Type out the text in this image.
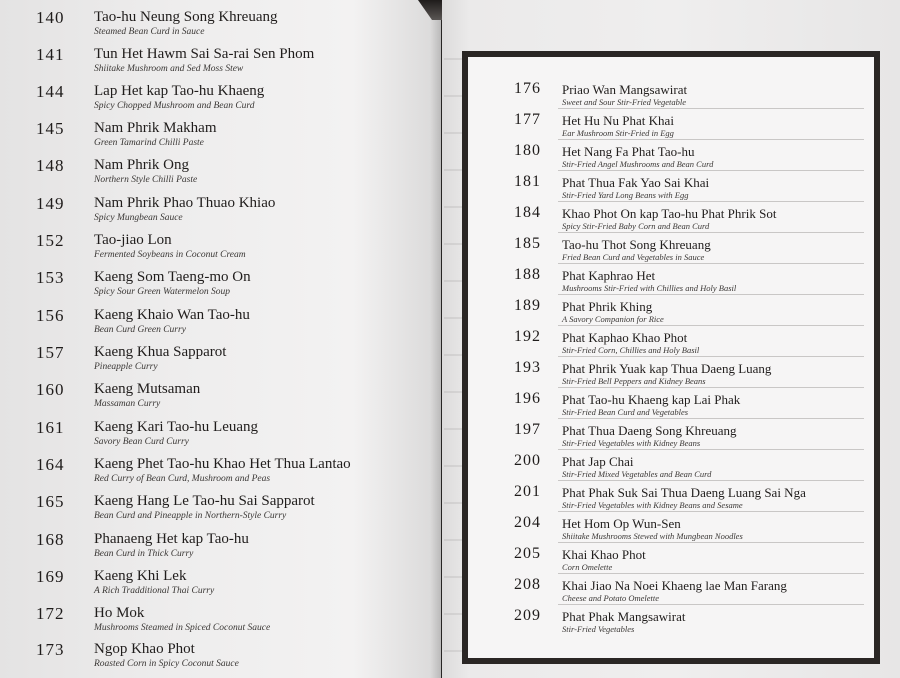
140 Tao-hu Neung Song Khreuang
Steamed Bean Curd in Sauce
141 Tun Het Hawm Sai Sa-rai Sen Phom
Shiitake Mushroom and Sed Moss Stew
144 Lap Het kap Tao-hu Khaeng
Spicy Chopped Mushroom and Bean Curd
145 Nam Phrik Makham
Green Tamarind Chilli Paste
148 Nam Phrik Ong
Northern Style Chilli Paste
149 Nam Phrik Phao Thuao Khiao
Spicy Mungbean Sauce
152 Tao-jiao Lon
Fermented Soybeans in Coconut Cream
153 Kaeng Som Taeng-mo On
Spicy Sour Green Watermelon Soup
156 Kaeng Khaio Wan Tao-hu
Bean Curd Green Curry
157 Kaeng Khua Sapparot
Pineapple Curry
160 Kaeng Mutsaman
Massaman Curry
161 Kaeng Kari Tao-hu Leuang
Savory Bean Curd Curry
164 Kaeng Phet Tao-hu Khao Het Thua Lantao
Red Curry of Bean Curd, Mushroom and Peas
165 Kaeng Hang Le Tao-hu Sai Sapparot
Bean Curd and Pineapple in Northern-Style Curry
168 Phanaeng Het kap Tao-hu
Bean Curd in Thick Curry
169 Kaeng Khi Lek
A Rich Tradditional Thai Curry
172 Ho Mok
Mushrooms Steamed in Spiced Coconut Sauce
173 Ngop Khao Phot
Roasted Corn in Spicy Coconut Sauce
176 Priao Wan Mangsawirat
Sweet and Sour Stir-Fried Vegetable
177 Het Hu Nu Phat Khai
Ear Mushroom Stir-Fried in Egg
180 Het Nang Fa Phat Tao-hu
Stir-Fried Angel Mushrooms and Bean Curd
181 Phat Thua Fak Yao Sai Khai
Stir-Fried Yard Long Beans with Egg
184 Khao Phot On kap Tao-hu Phat Phrik Sot
Spicy Stir-Fried Baby Corn and Bean Curd
185 Tao-hu Thot Song Khreuang
Fried Bean Curd and Vegetables in Sauce
188 Phat Kaphrao Het
Mushrooms Stir-Fried with Chillies and Holy Basil
189 Phat Phrik Khing
A Savory Companion for Rice
192 Phat Kaphao Khao Phot
Stir-Fried Corn, Chillies and Holy Basil
193 Phat Phrik Yuak kap Thua Daeng Luang
Stir-Fried Bell Peppers and Kidney Beans
196 Phat Tao-hu Khaeng kap Lai Phak
Stir-Fried Bean Curd and Vegetables
197 Phat Thua Daeng Song Khreuang
Stir-Fried Vegetables with Kidney Beans
200 Phat Jap Chai
Stir-Fried Mixed Vegetables and Bean Curd
201 Phat Phak Suk Sai Thua Daeng Luang Sai Nga
Stir-Fried Vegetables with Kidney Beans and Sesame
204 Het Hom Op Wun-Sen
Shiitake Mushrooms Stewed with Mungbean Noodles
205 Khai Khao Phot
Corn Omelette
208 Khai Jiao Na Noei Khaeng lae Man Farang
Cheese and Potato Omelette
209 Phat Phak Mangsawirat
Stir-Fried Vegetables
